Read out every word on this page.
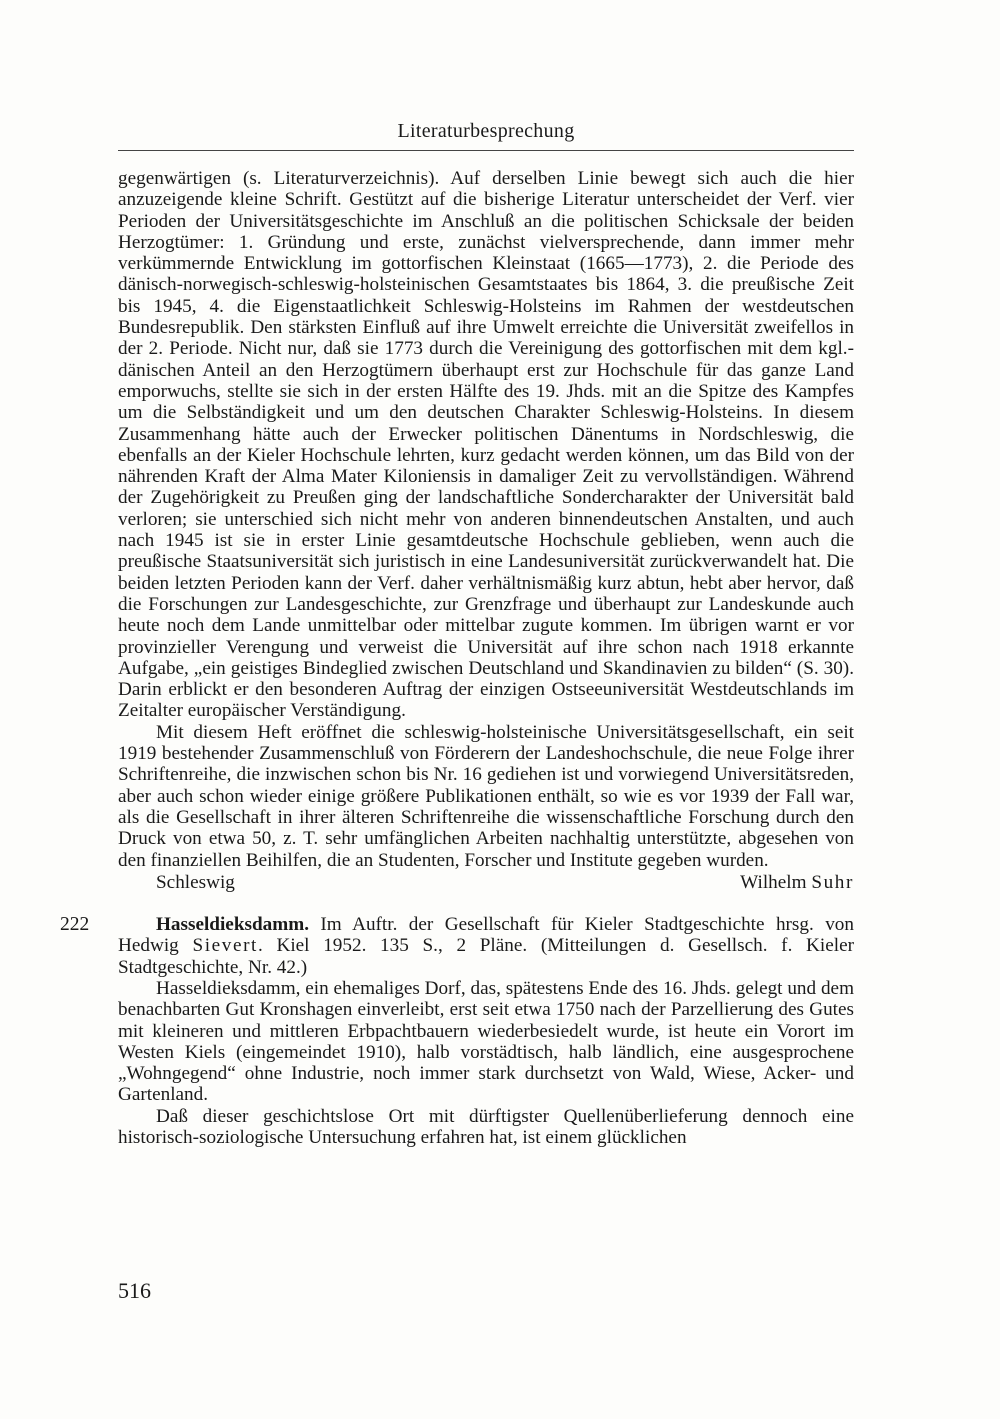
Literaturbesprechung

gegenwärtigen (s. Literaturverzeichnis). Auf derselben Linie bewegt sich auch die hier anzuzeigende kleine Schrift. Gestützt auf die bisherige Literatur unterscheidet der Verf. vier Perioden der Universitätsgeschichte im Anschluß an die politischen Schicksale der beiden Herzogtümer: 1. Gründung und erste, zunächst vielversprechende, dann immer mehr verkümmernde Entwicklung im gottorfischen Kleinstaat (1665—1773), 2. die Periode des dänisch-norwegisch-schleswig-holsteinischen Gesamtstaates bis 1864, 3. die preußische Zeit bis 1945, 4. die Eigenstaatlichkeit Schleswig-Holsteins im Rahmen der westdeutschen Bundesrepublik. Den stärksten Einfluß auf ihre Umwelt erreichte die Universität zweifellos in der 2. Periode. Nicht nur, daß sie 1773 durch die Vereinigung des gottorfischen mit dem kgl.-dänischen Anteil an den Herzogtümern überhaupt erst zur Hochschule für das ganze Land emporwuchs, stellte sie sich in der ersten Hälfte des 19. Jhds. mit an die Spitze des Kampfes um die Selbständigkeit und um den deutschen Charakter Schleswig-Holsteins. In diesem Zusammenhang hätte auch der Erwecker politischen Dänentums in Nordschleswig, die ebenfalls an der Kieler Hochschule lehrten, kurz gedacht werden können, um das Bild von der nährenden Kraft der Alma Mater Kiloniensis in damaliger Zeit zu vervollständigen. Während der Zugehörigkeit zu Preußen ging der landschaftliche Sondercharakter der Universität bald verloren; sie unterschied sich nicht mehr von anderen binnendeutschen Anstalten, und auch nach 1945 ist sie in erster Linie gesamtdeutsche Hochschule geblieben, wenn auch die preußische Staatsuniversität sich juristisch in eine Landesuniversität zurückverwandelt hat. Die beiden letzten Perioden kann der Verf. daher verhältnismäßig kurz abtun, hebt aber hervor, daß die Forschungen zur Landesgeschichte, zur Grenzfrage und überhaupt zur Landeskunde auch heute noch dem Lande unmittelbar oder mittelbar zugute kommen. Im übrigen warnt er vor provinzieller Verengung und verweist die Universität auf ihre schon nach 1918 erkannte Aufgabe, „ein geistiges Bindeglied zwischen Deutschland und Skandinavien zu bilden“ (S. 30). Darin erblickt er den besonderen Auftrag der einzigen Ostseeuniversität Westdeutschlands im Zeitalter europäischer Verständigung.

Mit diesem Heft eröffnet die schleswig-holsteinische Universitätsgesellschaft, ein seit 1919 bestehender Zusammenschluß von Förderern der Landeshochschule, die neue Folge ihrer Schriftenreihe, die inzwischen schon bis Nr. 16 gediehen ist und vorwiegend Universitätsreden, aber auch schon wieder einige größere Publikationen enthält, so wie es vor 1939 der Fall war, als die Gesellschaft in ihrer älteren Schriftenreihe die wissenschaftliche Forschung durch den Druck von etwa 50, z. T. sehr umfänglichen Arbeiten nachhaltig unterstützte, abgesehen von den finanziellen Beihilfen, die an Studenten, Forscher und Institute gegeben wurden.

Schleswig	Wilhelm Suhr
222	Hasseldieksdamm. Im Auftr. der Gesellschaft für Kieler Stadtgeschichte hrsg. von Hedwig Sievert. Kiel 1952. 135 S., 2 Pläne. (Mitteilungen d. Gesellsch. f. Kieler Stadtgeschichte, Nr. 42.)

Hasseldieksdamm, ein ehemaliges Dorf, das, spätestens Ende des 16. Jhds. gelegt und dem benachbarten Gut Kronshagen einverleibt, erst seit etwa 1750 nach der Parzellierung des Gutes mit kleineren und mittleren Erbpachtbauern wiederbesiedelt wurde, ist heute ein Vorort im Westen Kiels (eingemeindet 1910), halb vorstädtisch, halb ländlich, eine ausgesprochene „Wohngegend“ ohne Industrie, noch immer stark durchsetzt von Wald, Wiese, Acker- und Gartenland.

Daß dieser geschichtslose Ort mit dürftigster Quellenüberlieferung dennoch eine historisch-soziologische Untersuchung erfahren hat, ist einem glücklichen

516
